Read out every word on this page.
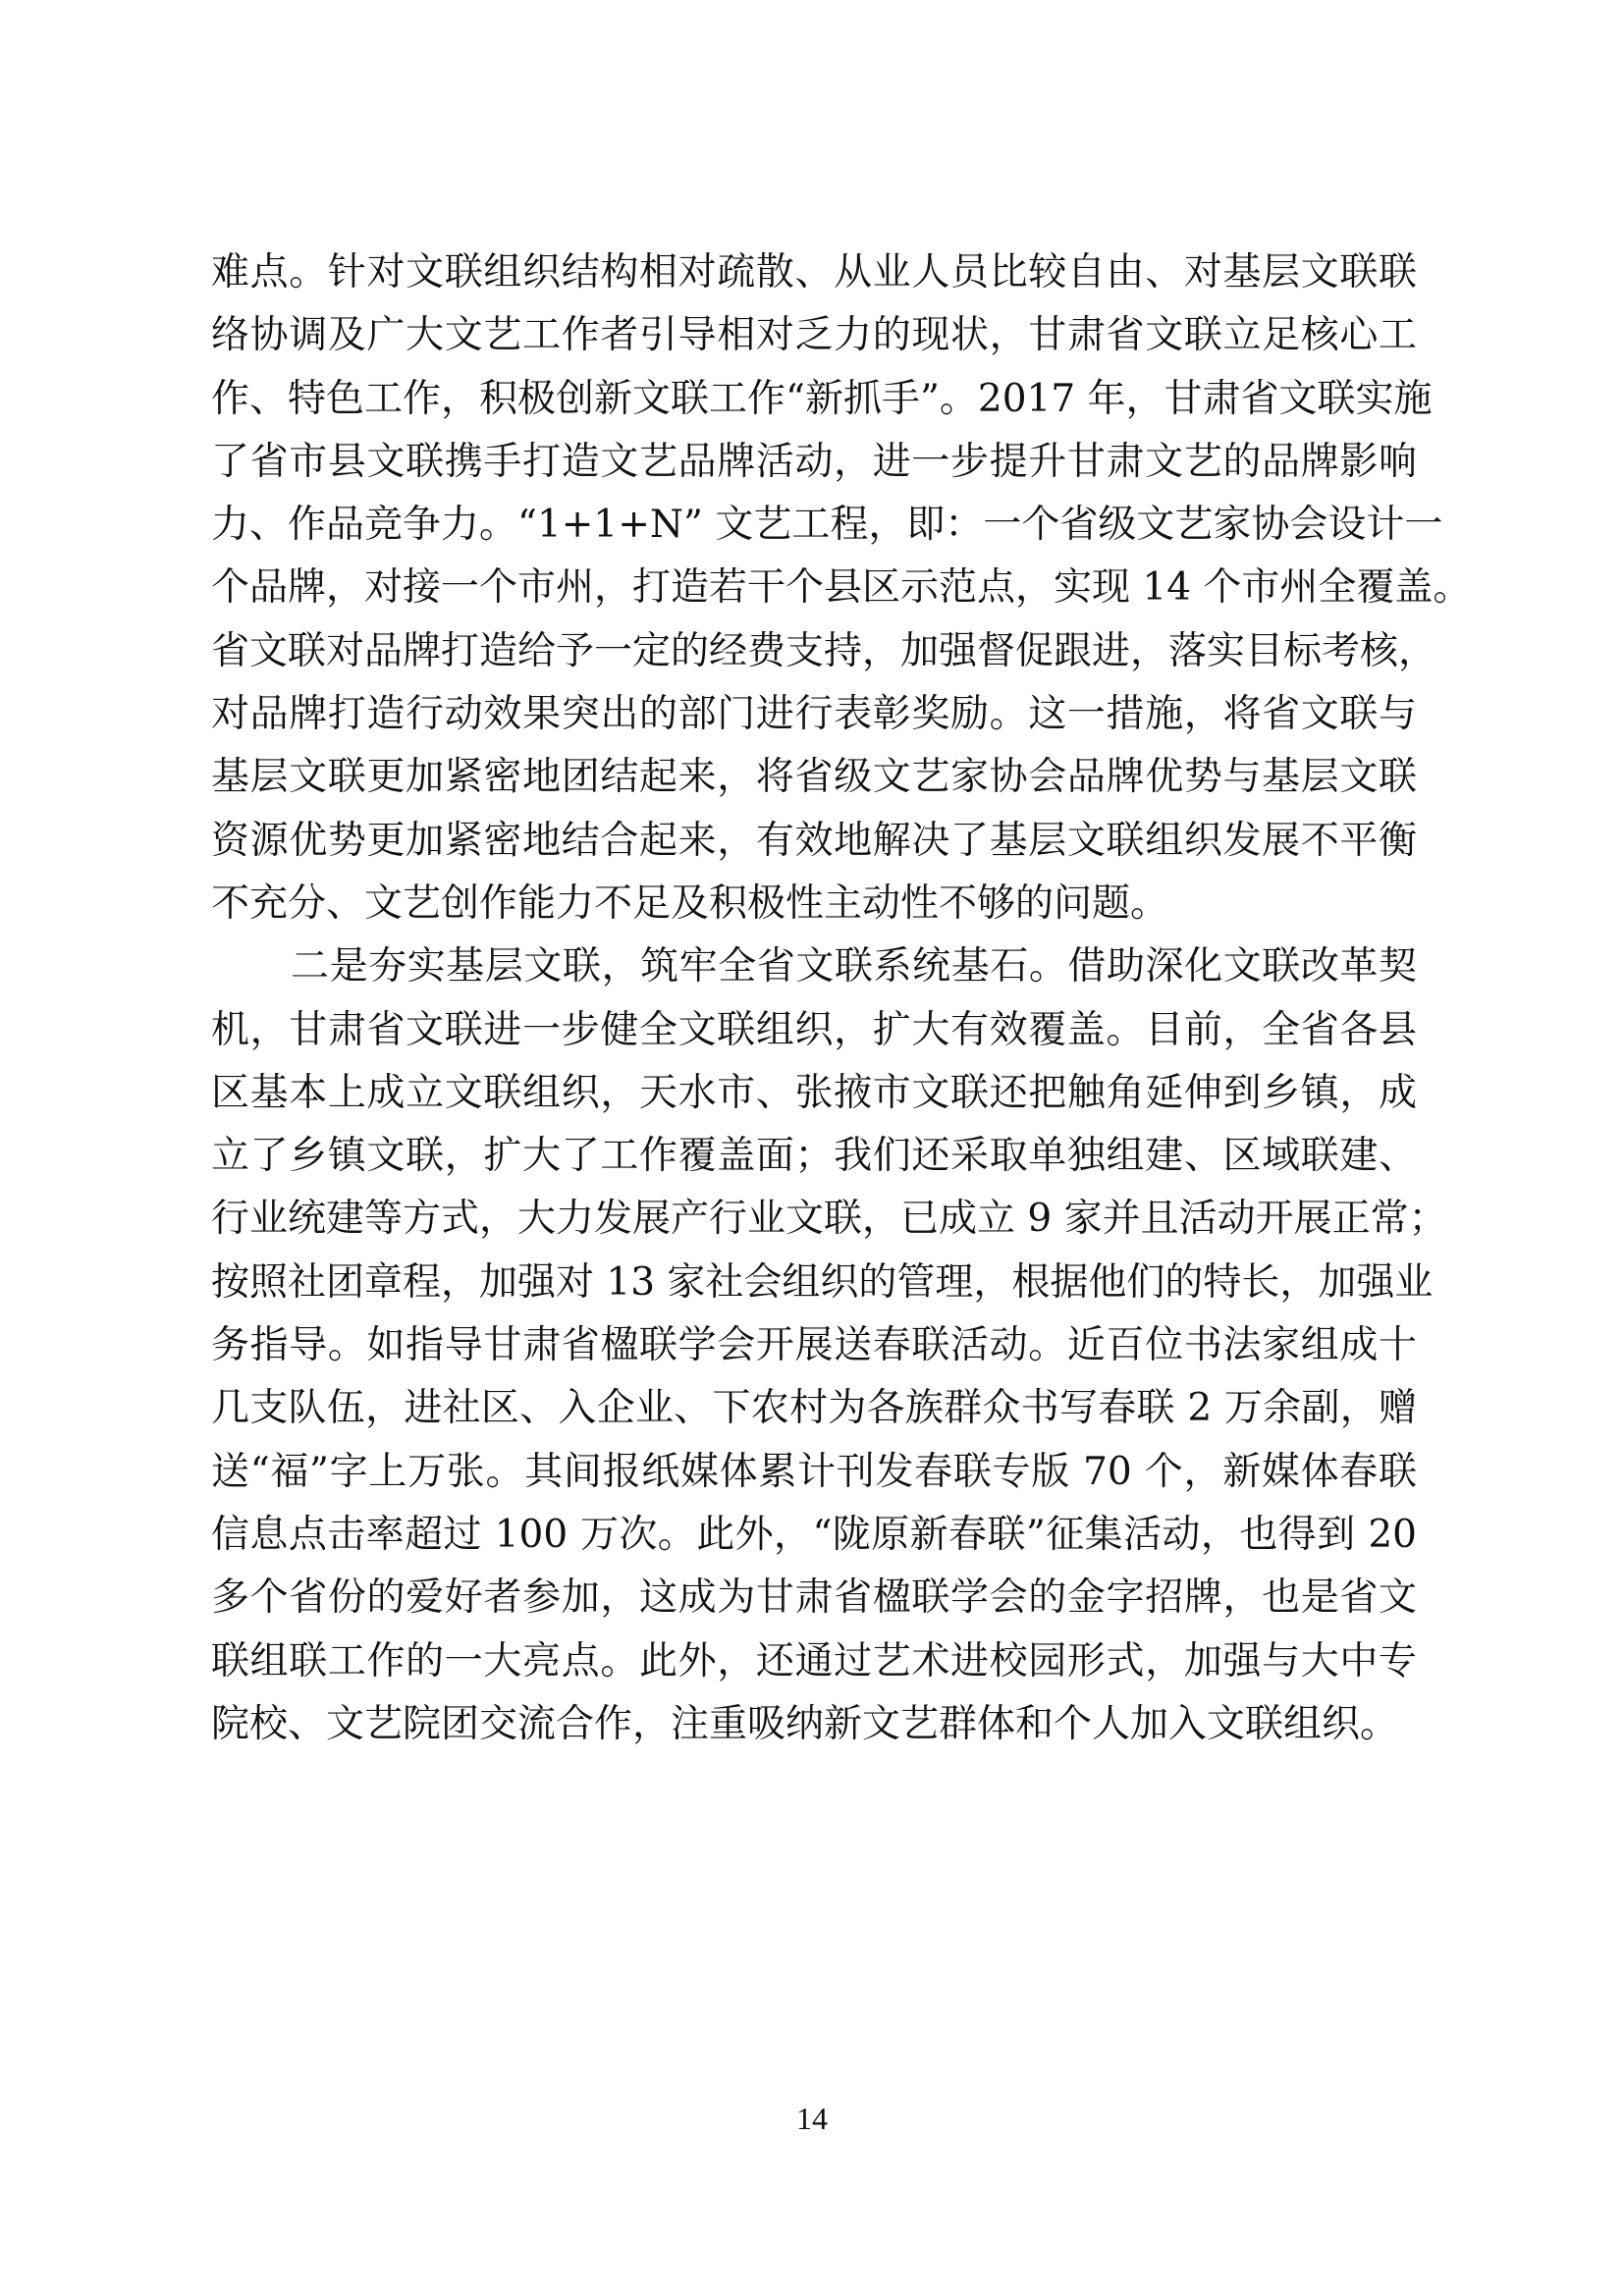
难点。针对文联组织结构相对疏散、从业人员比较自由、对基层文联联
络协调及广大文艺工作者引导相对乏力的现状，甘肃省文联立足核心工
作、特色工作，积极创新文联工作“新抓手”。2017 年，甘肃省文联实施
了省市县文联携手打造文艺品牌活动，进一步提升甘肃文艺的品牌影响
力、作品竞争力。“1+1+N” 文艺工程，即：一个省级文艺家协会设计一
个品牌，对接一个市州，打造若干个县区示范点，实现 14 个市州全覆盖。
省文联对品牌打造给予一定的经费支持，加强督促跟进，落实目标考核，
对品牌打造行动效果突出的部门进行表彰奖励。这一措施，将省文联与
基层文联更加紧密地团结起来，将省级文艺家协会品牌优势与基层文联
资源优势更加紧密地结合起来，有效地解决了基层文联组织发展不平衡
不充分、文艺创作能力不足及积极性主动性不够的问题。
二是夯实基层文联，筑牢全省文联系统基石。借助深化文联改革契
机，甘肃省文联进一步健全文联组织，扩大有效覆盖。目前，全省各县
区基本上成立文联组织，天水市、张掖市文联还把触角延伸到乡镇，成
立了乡镇文联，扩大了工作覆盖面；我们还采取单独组建、区域联建、
行业统建等方式，大力发展产行业文联，已成立 9 家并且活动开展正常；
按照社团章程，加强对 13 家社会组织的管理，根据他们的特长，加强业
务指导。如指导甘肃省楹联学会开展送春联活动。近百位书法家组成十
几支队伍，进社区、入企业、下农村为各族群众书写春联 2 万余副，赠
送“福”字上万张。其间报纸媒体累计刊发春联专版 70 个，新媒体春联
信息点击率超过 100 万次。此外，“陇原新春联”征集活动，也得到 20
多个省份的爱好者参加，这成为甘肃省楹联学会的金字招牌，也是省文
联组联工作的一大亮点。此外，还通过艺术进校园形式，加强与大中专
院校、文艺院团交流合作，注重吸纳新文艺群体和个人加入文联组织。
14
